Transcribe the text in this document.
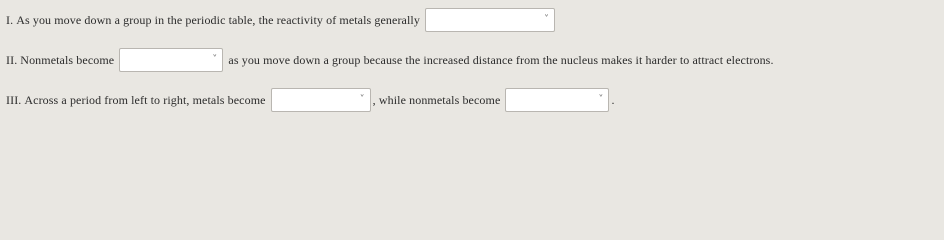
I. As you move down a group in the periodic table, the reactivity of metals generally	˅
II. Nonmetals become	˅ as you move down a group because the increased distance from the nucleus makes it harder to attract electrons.
III. Across a period from left to right, metals become	˅ , while nonmetals become	˅ .
